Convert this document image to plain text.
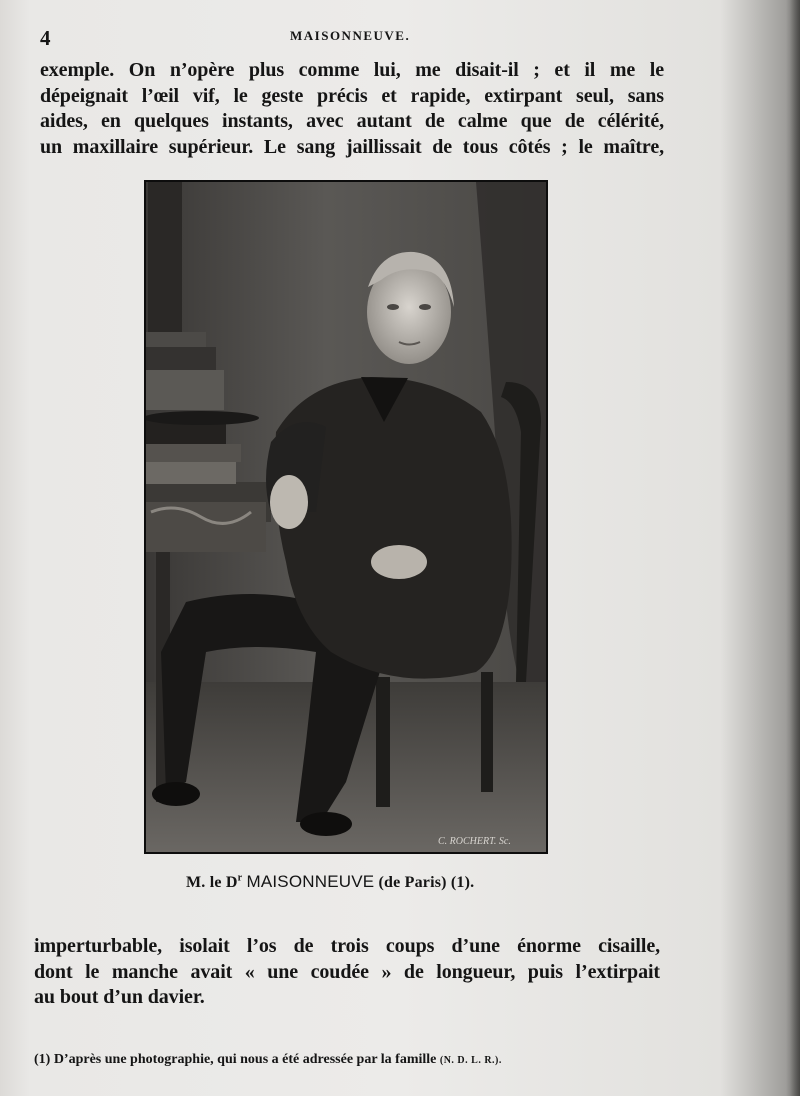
4	MAISONNEUVE.
exemple. On n’opère plus comme lui, me disait-il ; et il me le
dépeignait l’œil vif, le geste précis et rapide, extirpant seul, sans
aides, en quelques instants, avec autant de calme que de célérité,
un maxillaire supérieur. Le sang jaillissait de tous côtés ; le maître,
C. ROCHERT. Sc.
M. le $D^r$ MAISONNEUVE (de Paris) (1).
imperturbable, isolait l’os de trois coups d’une énorme cisaille,
dont le manche avait « une coudée » de longueur, puis l’extirpait
au bout d’un davier.
(1) D’après une photographie, qui nous a été adressée par la famille (N. D. L. R.).
